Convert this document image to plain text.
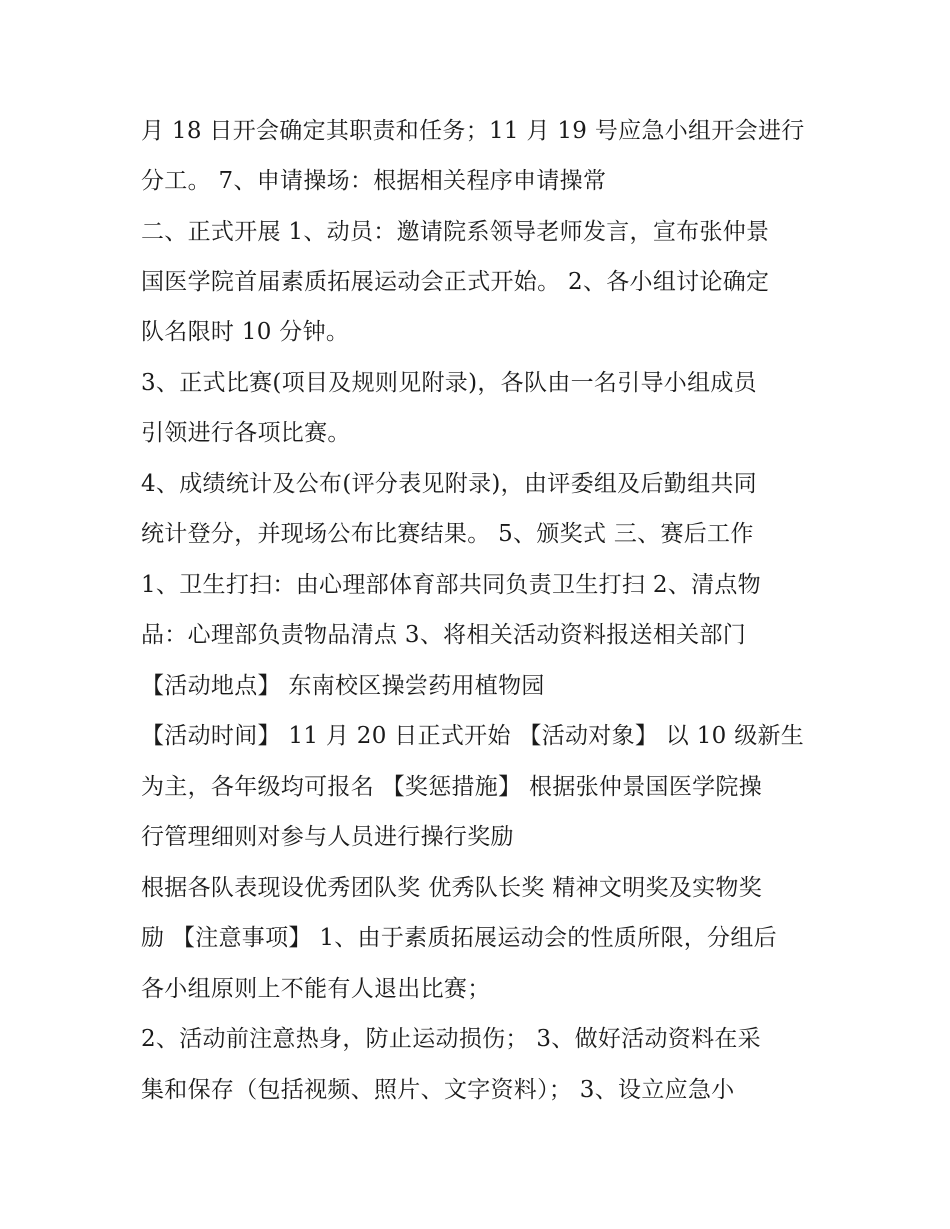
月 18 日开会确定其职责和任务；11 月 19 号应急小组开会进行
分工。 7、申请操场：根据相关程序申请操常
二、正式开展 1、动员：邀请院系领导老师发言，宣布张仲景
国医学院首届素质拓展运动会正式开始。 2、各小组讨论确定
队名限时 10 分钟。
3、正式比赛(项目及规则见附录)，各队由一名引导小组成员
引领进行各项比赛。
4、成绩统计及公布(评分表见附录)，由评委组及后勤组共同
统计登分，并现场公布比赛结果。 5、颁奖式 三、赛后工作
1、卫生打扫：由心理部体育部共同负责卫生打扫 2、清点物
品：心理部负责物品清点 3、将相关活动资料报送相关部门
【活动地点】 东南校区操尝药用植物园
【活动时间】 11 月 20 日正式开始 【活动对象】 以 10 级新生
为主，各年级均可报名 【奖惩措施】 根据张仲景国医学院操
行管理细则对参与人员进行操行奖励
根据各队表现设优秀团队奖 优秀队长奖 精神文明奖及实物奖
励 【注意事项】 1、由于素质拓展运动会的性质所限，分组后
各小组原则上不能有人退出比赛；
2、活动前注意热身，防止运动损伤； 3、做好活动资料在采
集和保存（包括视频、照片、文字资料）； 3、设立应急小
